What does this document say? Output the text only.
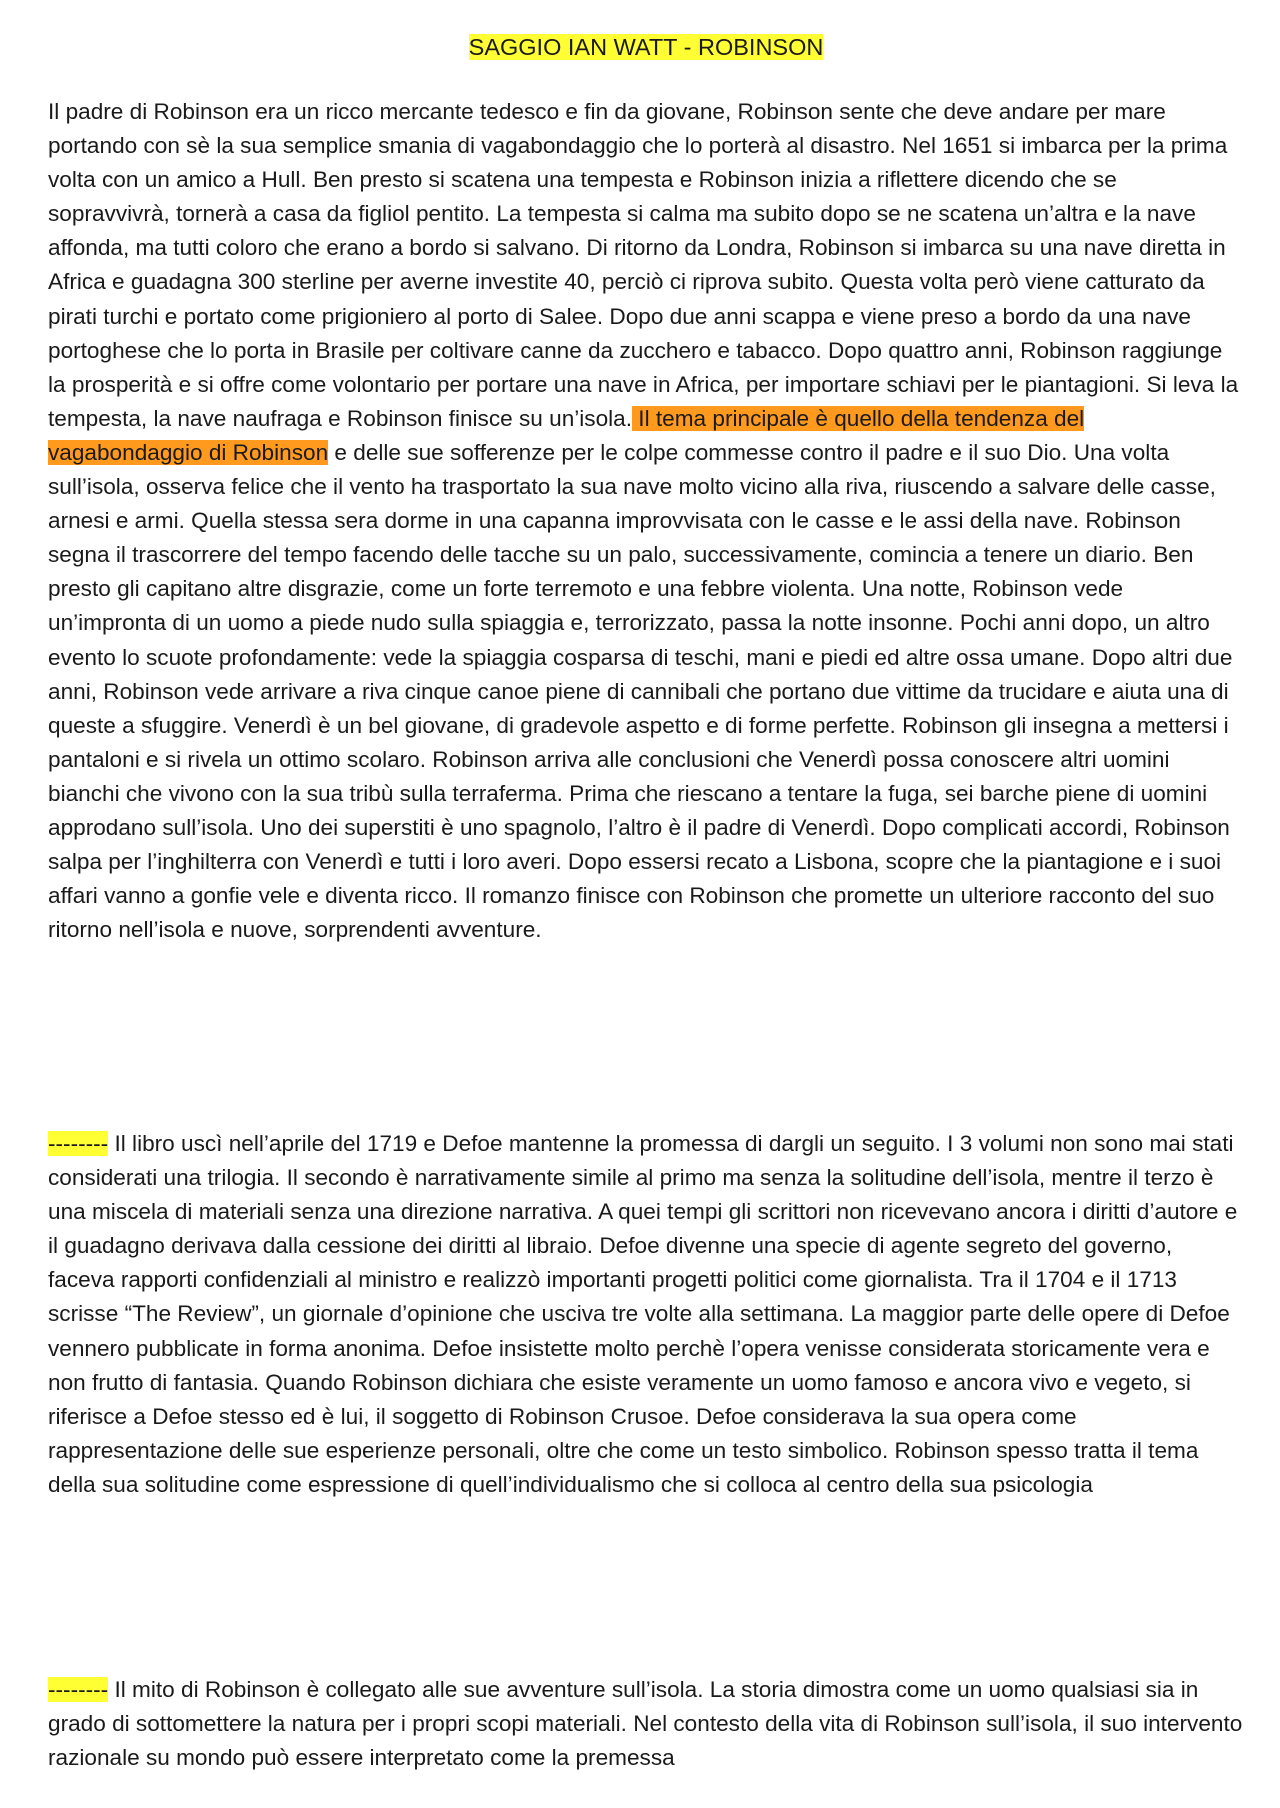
SAGGIO IAN WATT - ROBINSON

Il padre di Robinson era un ricco mercante tedesco e fin da giovane, Robinson sente che deve andare per mare portando con sè la sua semplice smania di vagabondaggio che lo porterà al disastro. Nel 1651 si imbarca per la prima volta con un amico a Hull. Ben presto si scatena una tempesta e Robinson inizia a riflettere dicendo che se sopravvivrà, tornerà a casa da figliol pentito. La tempesta si calma ma subito dopo se ne scatena un’altra e la nave affonda, ma tutti coloro che erano a bordo si salvano. Di ritorno da Londra, Robinson si imbarca su una nave diretta in Africa e guadagna 300 sterline per averne investite 40, perciò ci riprova subito. Questa volta però viene catturato da pirati turchi e portato come prigioniero al porto di Salee. Dopo due anni scappa e viene preso a bordo da una nave portoghese che lo porta in Brasile per coltivare canne da zucchero e tabacco. Dopo quattro anni, Robinson raggiunge la prosperità e si offre come volontario per portare una nave in Africa, per importare schiavi per le piantagioni. Si leva la tempesta, la nave naufraga e Robinson finisce su un’isola. Il tema principale è quello della tendenza del vagabondaggio di Robinson e delle sue sofferenze per le colpe commesse contro il padre e il suo Dio. Una volta sull’isola, osserva felice che il vento ha trasportato la sua nave molto vicino alla riva, riuscendo a salvare delle casse, arnesi e armi. Quella stessa sera dorme in una capanna improvvisata con le casse e le assi della nave. Robinson segna il trascorrere del tempo facendo delle tacche su un palo, successivamente, comincia a tenere un diario. Ben presto gli capitano altre disgrazie, come un forte terremoto e una febbre violenta. Una notte, Robinson vede un’impronta di un uomo a piede nudo sulla spiaggia e, terrorizzato, passa la notte insonne. Pochi anni dopo, un altro evento lo scuote profondamente: vede la spiaggia cosparsa di teschi, mani e piedi ed altre ossa umane. Dopo altri due anni, Robinson vede arrivare a riva cinque canoe piene di cannibali che portano due vittime da trucidare e aiuta una di queste a sfuggire. Venerdì è un bel giovane, di gradevole aspetto e di forme perfette. Robinson gli insegna a mettersi i pantaloni e si rivela un ottimo scolaro. Robinson arriva alle conclusioni che Venerdì possa conoscere altri uomini bianchi che vivono con la sua tribù sulla terraferma. Prima che riescano a tentare la fuga, sei barche piene di uomini approdano sull’isola. Uno dei superstiti è uno spagnolo, l’altro è il padre di Venerdì. Dopo complicati accordi, Robinson salpa per l’inghilterra con Venerdì e tutti i loro averi. Dopo essersi recato a Lisbona, scopre che la piantagione e i suoi affari vanno a gonfie vele e diventa ricco. Il romanzo finisce con Robinson che promette un ulteriore racconto del suo ritorno nell’isola e nuove, sorprendenti avventure.

-------- Il libro uscì nell’aprile del 1719 e Defoe mantenne la promessa di dargli un seguito. I 3 volumi non sono mai stati considerati una trilogia. Il secondo è narrativamente simile al primo ma senza la solitudine dell’isola, mentre il terzo è una miscela di materiali senza una direzione narrativa. A quei tempi gli scrittori non ricevevano ancora i diritti d’autore e il guadagno derivava dalla cessione dei diritti al libraio. Defoe divenne una specie di agente segreto del governo, faceva rapporti confidenziali al ministro e realizzò importanti progetti politici come giornalista. Tra il 1704 e il 1713 scrisse “The Review”, un giornale d’opinione che usciva tre volte alla settimana. La maggior parte delle opere di Defoe vennero pubblicate in forma anonima. Defoe insistette molto perchè l’opera venisse considerata storicamente vera e non frutto di fantasia. Quando Robinson dichiara che esiste veramente un uomo famoso e ancora vivo e vegeto, si riferisce a Defoe stesso ed è lui, il soggetto di Robinson Crusoe. Defoe considerava la sua opera come rappresentazione delle sue esperienze personali, oltre che come un testo simbolico. Robinson spesso tratta il tema della sua solitudine come espressione di quell’individualismo che si colloca al centro della sua psicologia

-------- Il mito di Robinson è collegato alle sue avventure sull’isola. La storia dimostra come un uomo qualsiasi sia in grado di sottomettere la natura per i propri scopi materiali. Nel contesto della vita di Robinson sull’isola, il suo intervento razionale su mondo può essere interpretato come la premessa
